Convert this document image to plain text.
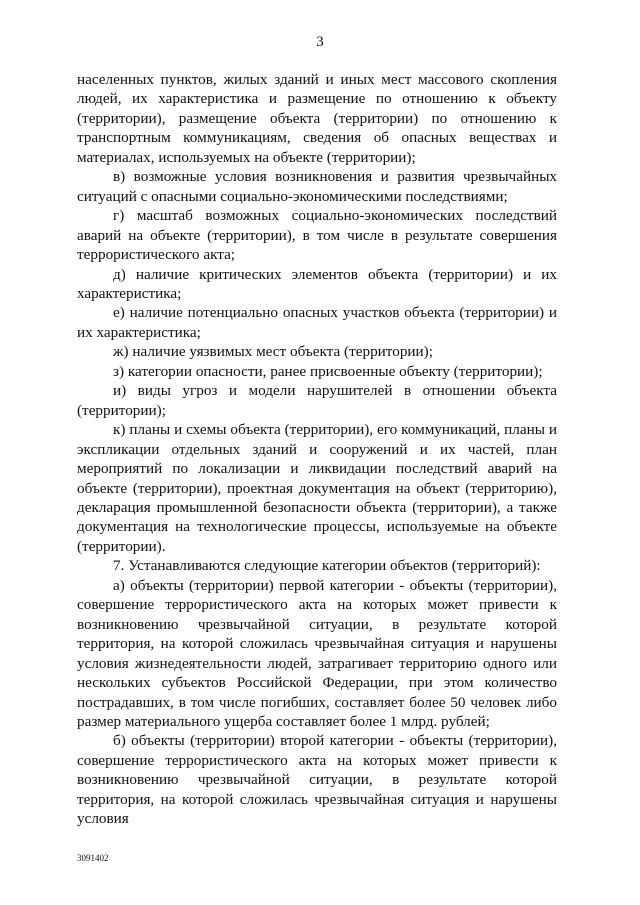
3

населенных пунктов, жилых зданий и иных мест массового скопления людей, их характеристика и размещение по отношению к объекту (территории), размещение объекта (территории) по отношению к транспортным коммуникациям, сведения об опасных веществах и материалах, используемых на объекте (территории);

в) возможные условия возникновения и развития чрезвычайных ситуаций с опасными социально-экономическими последствиями;

г) масштаб возможных социально-экономических последствий аварий на объекте (территории), в том числе в результате совершения террористического акта;

д) наличие критических элементов объекта (территории) и их характеристика;

е) наличие потенциально опасных участков объекта (территории) и их характеристика;

ж) наличие уязвимых мест объекта (территории);

з) категории опасности, ранее присвоенные объекту (территории);

и) виды угроз и модели нарушителей в отношении объекта (территории);

к) планы и схемы объекта (территории), его коммуникаций, планы и экспликации отдельных зданий и сооружений и их частей, план мероприятий по локализации и ликвидации последствий аварий на объекте (территории), проектная документация на объект (территорию), декларация промышленной безопасности объекта (территории), а также документация на технологические процессы, используемые на объекте (территории).

7. Устанавливаются следующие категории объектов (территорий):

а) объекты (территории) первой категории - объекты (территории), совершение террористического акта на которых может привести к возникновению чрезвычайной ситуации, в результате которой территория, на которой сложилась чрезвычайная ситуация и нарушены условия жизнедеятельности людей, затрагивает территорию одного или нескольких субъектов Российской Федерации, при этом количество пострадавших, в том числе погибших, составляет более 50 человек либо размер материального ущерба составляет более 1 млрд. рублей;

б) объекты (территории) второй категории - объекты (территории), совершение террористического акта на которых может привести к возникновению чрезвычайной ситуации, в результате которой территория, на которой сложилась чрезвычайная ситуация и нарушены условия

3091402
